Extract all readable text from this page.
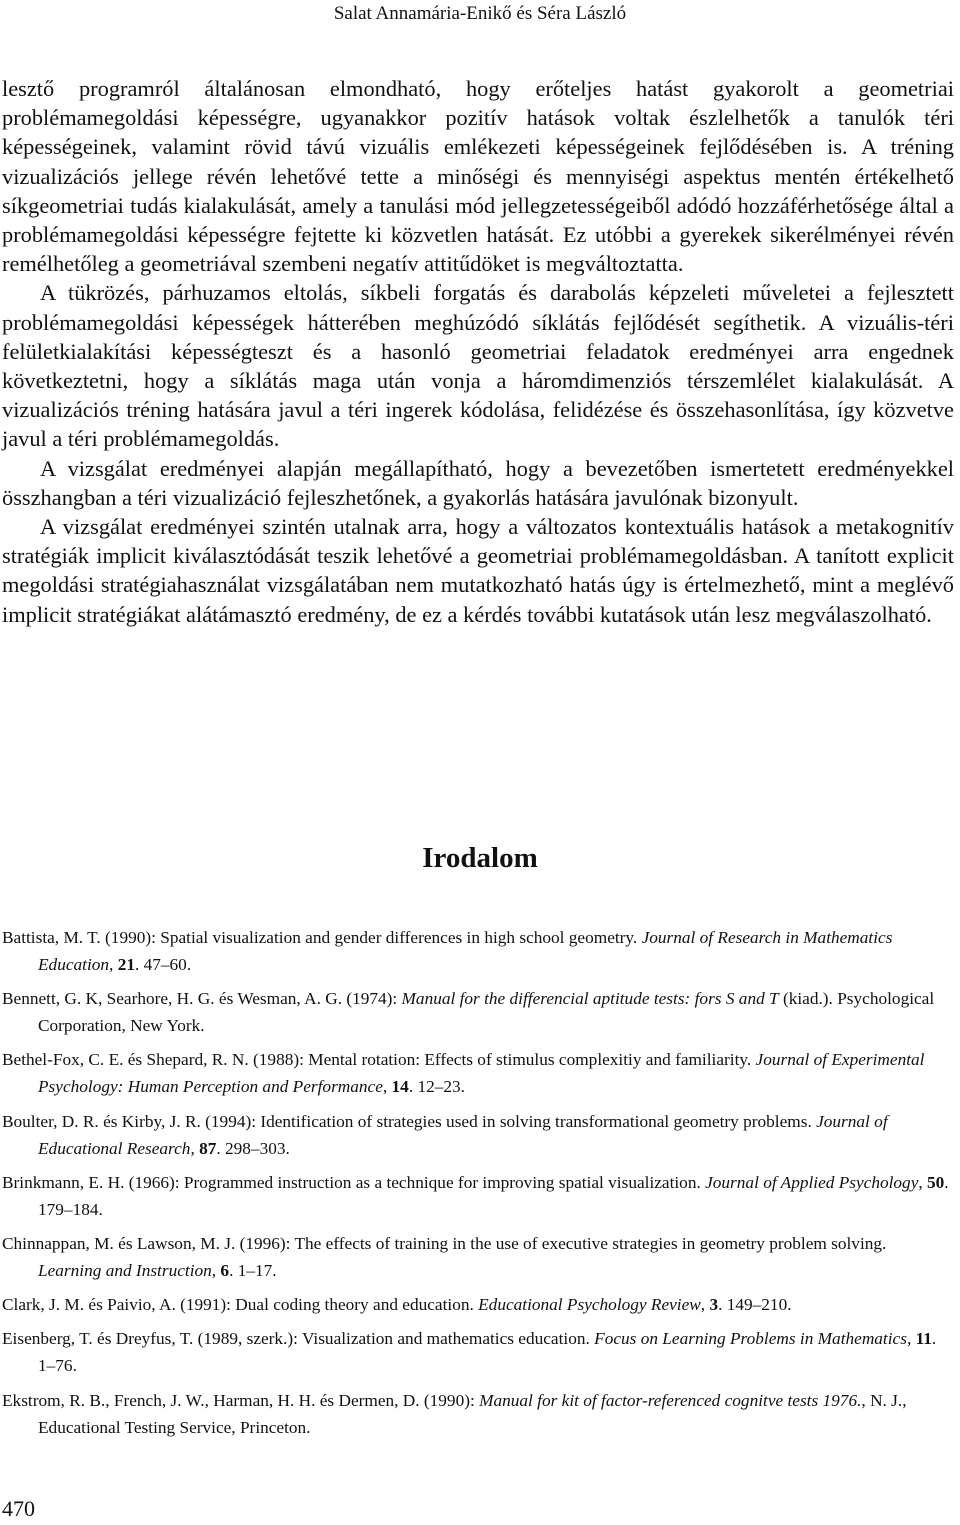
Salat Annamária-Enikő és Séra László

lesztő programról általánosan elmondható, hogy erőteljes hatást gyakorolt a geometriai problémamegoldási képességre, ugyanakkor pozitív hatások voltak észlelhetők a tanulók téri képességeinek, valamint rövid távú vizuális emlékezeti képességeinek fejlődésében is. A tréning vizualizációs jellege révén lehetővé tette a minőségi és mennyiségi aspektus mentén értékelhető síkgeometriai tudás kialakulását, amely a tanulási mód jellegzetességeiből adódó hozzáférhetősége által a problémamegoldási képességre fejtette ki közvetlen hatását. Ez utóbbi a gyerekek sikerélményei révén remélhetőleg a geometriával szembeni negatív attitűdöket is megváltoztatta.

A tükrözés, párhuzamos eltolás, síkbeli forgatás és darabolás képzeleti műveletei a fejlesztett problémamegoldási képességek hátterében meghúzódó síklátás fejlődését segíthetik. A vizuális-téri felületkialakítási képességteszt és a hasonló geometriai feladatok eredményei arra engednek következtetni, hogy a síklátás maga után vonja a háromdimenziós térszemlélet kialakulását. A vizualizációs tréning hatására javul a téri ingerek kódolása, felidézése és összehasonlítása, így közvetve javul a téri problémamegoldás.

A vizsgálat eredményei alapján megállapítható, hogy a bevezetőben ismertetett eredményekkel összhangban a téri vizualizáció fejleszhetőnek, a gyakorlás hatására javulónak bizonyult.

A vizsgálat eredményei szintén utalnak arra, hogy a változatos kontextuális hatások a metakognitív stratégiák implicit kiválasztódását teszik lehetővé a geometriai problémamegoldásban. A tanított explicit megoldási stratégiahasználat vizsgálatában nem mutatkozható hatás úgy is értelmezhető, mint a meglévő implicit stratégiákat alátámasztó eredmény, de ez a kérdés további kutatások után lesz megválaszolható.

Irodalom

Battista, M. T. (1990): Spatial visualization and gender differences in high school geometry. Journal of Research in Mathematics Education, 21. 47–60.

Bennett, G. K, Searhore, H. G. és Wesman, A. G. (1974): Manual for the differencial aptitude tests: fors S and T (kiad.). Psychological Corporation, New York.

Bethel-Fox, C. E. és Shepard, R. N. (1988): Mental rotation: Effects of stimulus complexitiy and familiarity. Journal of Experimental Psychology: Human Perception and Performance, 14. 12–23.

Boulter, D. R. és Kirby, J. R. (1994): Identification of strategies used in solving transformational geometry problems. Journal of Educational Research, 87. 298–303.

Brinkmann, E. H. (1966): Programmed instruction as a technique for improving spatial visualization. Journal of Applied Psychology, 50. 179–184.

Chinnappan, M. és Lawson, M. J. (1996): The effects of training in the use of executive strategies in geometry problem solving. Learning and Instruction, 6. 1–17.

Clark, J. M. és Paivio, A. (1991): Dual coding theory and education. Educational Psychology Review, 3. 149–210.

Eisenberg, T. és Dreyfus, T. (1989, szerk.): Visualization and mathematics education. Focus on Learning Problems in Mathematics, 11. 1–76.

Ekstrom, R. B., French, J. W., Harman, H. H. és Dermen, D. (1990): Manual for kit of factor-referenced cognitve tests 1976., N. J., Educational Testing Service, Princeton.

470
